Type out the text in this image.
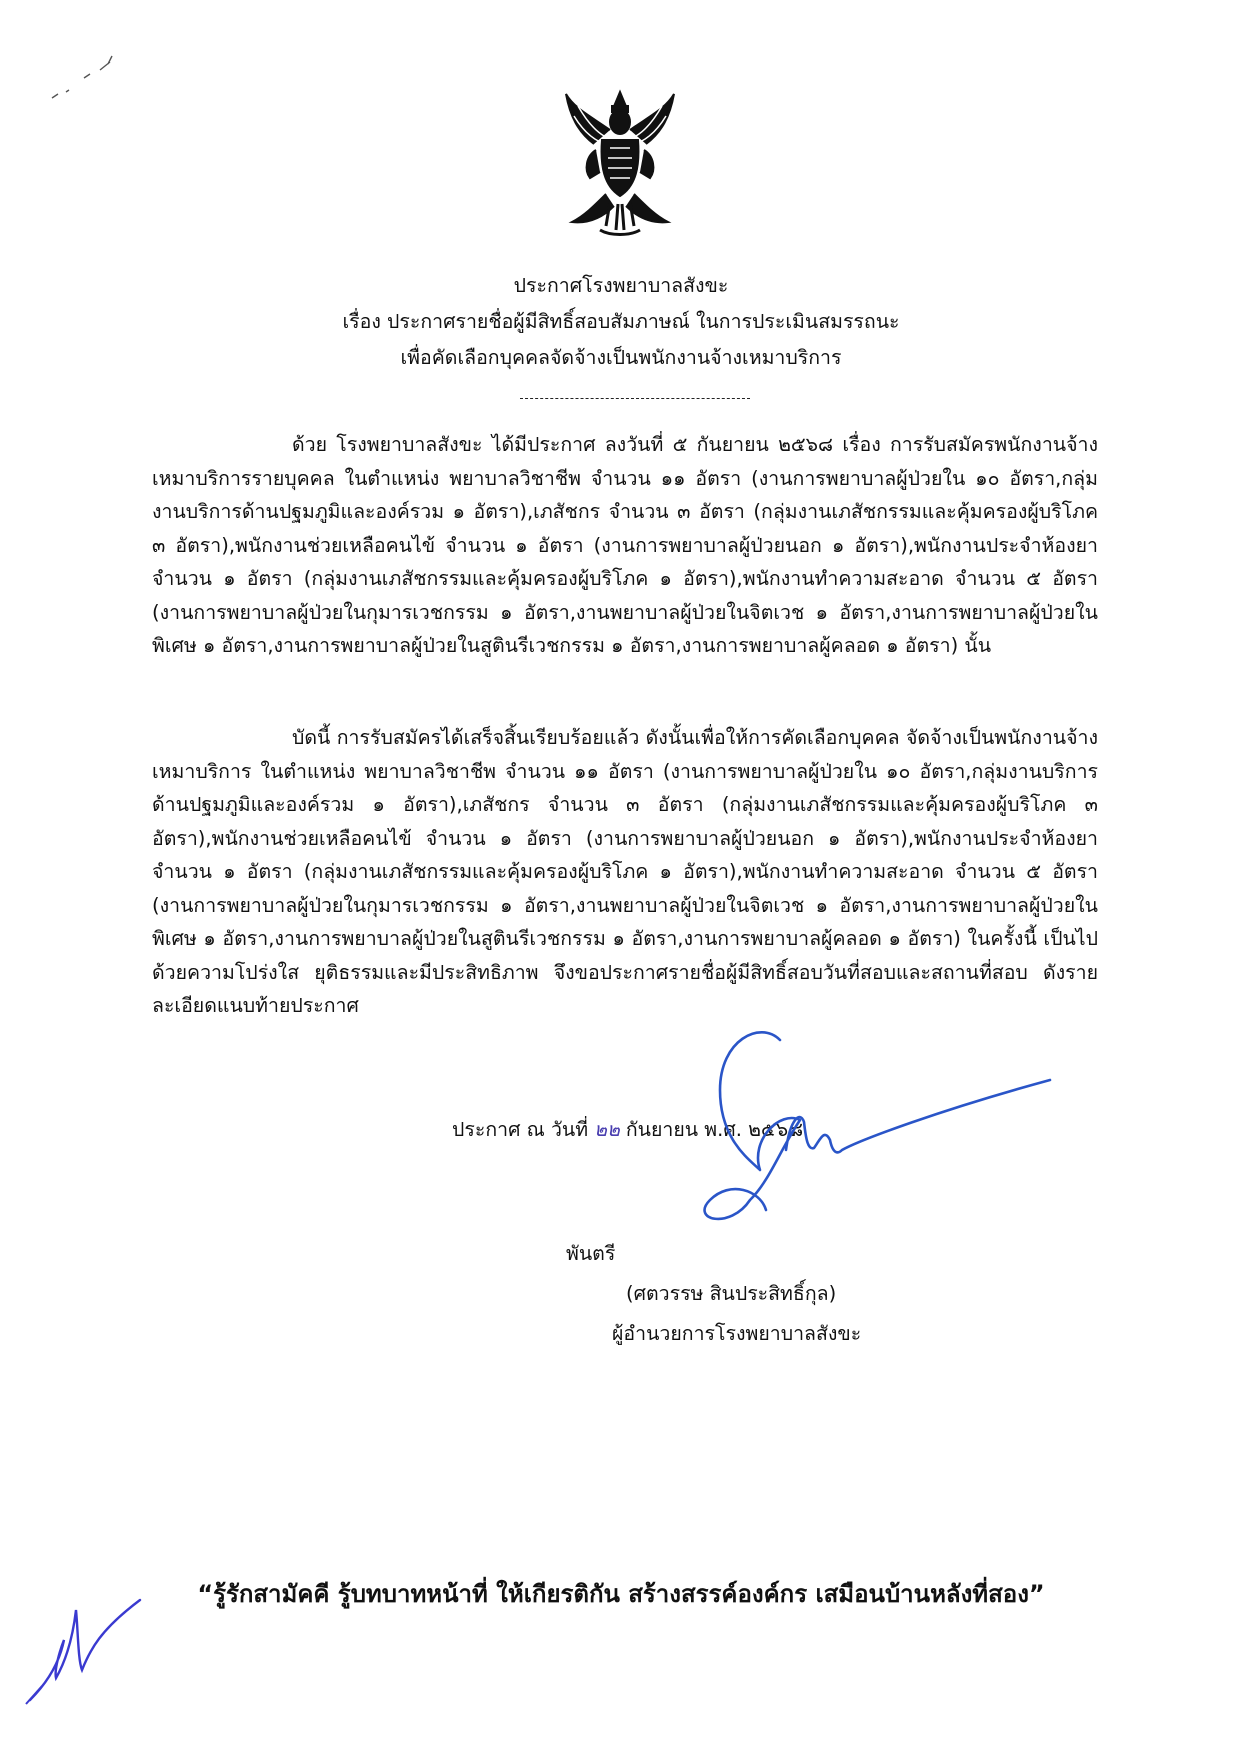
ประกาศโรงพยาบาลสังขะ
เรื่อง ประกาศรายชื่อผู้มีสิทธิ์สอบสัมภาษณ์ ในการประเมินสมรรถนะ
เพื่อคัดเลือกบุคคลจัดจ้างเป็นพนักงานจ้างเหมาบริการ

ด้วย โรงพยาบาลสังขะ ได้มีประกาศ ลงวันที่ ๕ กันยายน ๒๕๖๘ เรื่อง การรับสมัครพนักงานจ้างเหมาบริการรายบุคคล ในตำแหน่ง พยาบาลวิชาชีพ จำนวน ๑๑ อัตรา (งานการพยาบาลผู้ป่วยใน ๑๐ อัตรา,กลุ่มงานบริการด้านปฐมภูมิและองค์รวม ๑ อัตรา),เภสัชกร จำนวน ๓ อัตรา (กลุ่มงานเภสัชกรรมและคุ้มครองผู้บริโภค ๓ อัตรา),พนักงานช่วยเหลือคนไข้ จำนวน ๑ อัตรา (งานการพยาบาลผู้ป่วยนอก ๑ อัตรา),พนักงานประจำห้องยา จำนวน ๑ อัตรา (กลุ่มงานเภสัชกรรมและคุ้มครองผู้บริโภค ๑ อัตรา),พนักงานทำความสะอาด จำนวน ๕ อัตรา (งานการพยาบาลผู้ป่วยในกุมารเวชกรรม ๑ อัตรา,งานพยาบาลผู้ป่วยในจิตเวช ๑ อัตรา,งานการพยาบาลผู้ป่วยในพิเศษ ๑ อัตรา,งานการพยาบาลผู้ป่วยในสูตินรีเวชกรรม ๑ อัตรา,งานการพยาบาลผู้คลอด ๑ อัตรา) นั้น

บัดนี้ การรับสมัครได้เสร็จสิ้นเรียบร้อยแล้ว ดังนั้นเพื่อให้การคัดเลือกบุคคล จัดจ้างเป็นพนักงานจ้างเหมาบริการ ในตำแหน่ง พยาบาลวิชาชีพ จำนวน ๑๑ อัตรา (งานการพยาบาลผู้ป่วยใน ๑๐ อัตรา,กลุ่มงานบริการด้านปฐมภูมิและองค์รวม ๑ อัตรา),เภสัชกร จำนวน ๓ อัตรา (กลุ่มงานเภสัชกรรมและคุ้มครองผู้บริโภค ๓ อัตรา),พนักงานช่วยเหลือคนไข้ จำนวน ๑ อัตรา (งานการพยาบาลผู้ป่วยนอก ๑ อัตรา),พนักงานประจำห้องยา จำนวน ๑ อัตรา (กลุ่มงานเภสัชกรรมและคุ้มครองผู้บริโภค ๑ อัตรา),พนักงานทำความสะอาด จำนวน ๕ อัตรา (งานการพยาบาลผู้ป่วยในกุมารเวชกรรม ๑ อัตรา,งานพยาบาลผู้ป่วยในจิตเวช ๑ อัตรา,งานการพยาบาลผู้ป่วยในพิเศษ ๑ อัตรา,งานการพยาบาลผู้ป่วยในสูตินรีเวชกรรม ๑ อัตรา,งานการพยาบาลผู้คลอด ๑ อัตรา) ในครั้งนี้ เป็นไปด้วยความโปร่งใส ยุติธรรมและมีประสิทธิภาพ จึงขอประกาศรายชื่อผู้มีสิทธิ์สอบวันที่สอบและสถานที่สอบ ดังรายละเอียดแนบท้ายประกาศ

ประกาศ ณ วันที่ ๒๒ กันยายน พ.ศ. ๒๕๖๘
พันตรี
(ศตวรรษ สินประสิทธิ์กุล)
ผู้อำนวยการโรงพยาบาลสังขะ
“รู้รักสามัคคี รู้บทบาทหน้าที่ ให้เกียรติกัน สร้างสรรค์องค์กร เสมือนบ้านหลังที่สอง”
